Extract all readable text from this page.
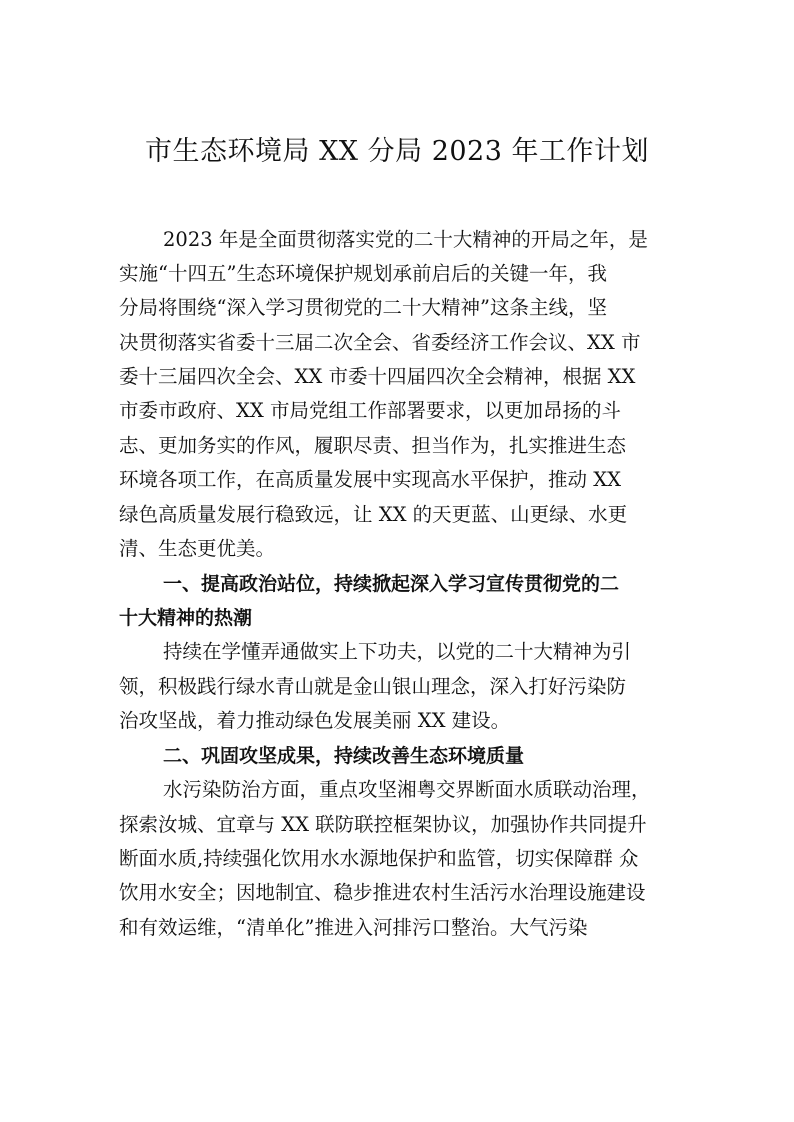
市生态环境局 XX 分局 2023 年工作计划

2023 年是全面贯彻落实党的二十大精神的开局之年，是

实施“十四五”生态环境保护规划承前启后的关键一年，我

分局将围绕“深入学习贯彻党的二十大精神”这条主线，坚

决贯彻落实省委十三届二次全会、省委经济工作会议、XX 市

委十三届四次全会、XX 市委十四届四次全会精神，根据 XX

市委市政府、XX 市局党组工作部署要求，以更加昂扬的斗

志、更加务实的作风，履职尽责、担当作为，扎实推进生态

环境各项工作，在高质量发展中实现高水平保护，推动 XX

绿色高质量发展行稳致远，让 XX 的天更蓝、山更绿、水更

清、生态更优美。

一、提高政治站位，持续掀起深入学习宣传贯彻党的二

十大精神的热潮

持续在学懂弄通做实上下功夫，以党的二十大精神为引

领，积极践行绿水青山就是金山银山理念，深入打好污染防

治攻坚战，着力推动绿色发展美丽 XX 建设。

二、巩固攻坚成果，持续改善生态环境质量

水污染防治方面，重点攻坚湘粤交界断面水质联动治理，

探索汝城、宜章与 XX 联防联控框架协议，加强协作共同提升

断面水质,持续强化饮用水水源地保护和监管，切实保障群 众

饮用水安全；因地制宜、稳步推进农村生活污水治理设施建设

和有效运维，“清单化”推进入河排污口整治。大气污染
